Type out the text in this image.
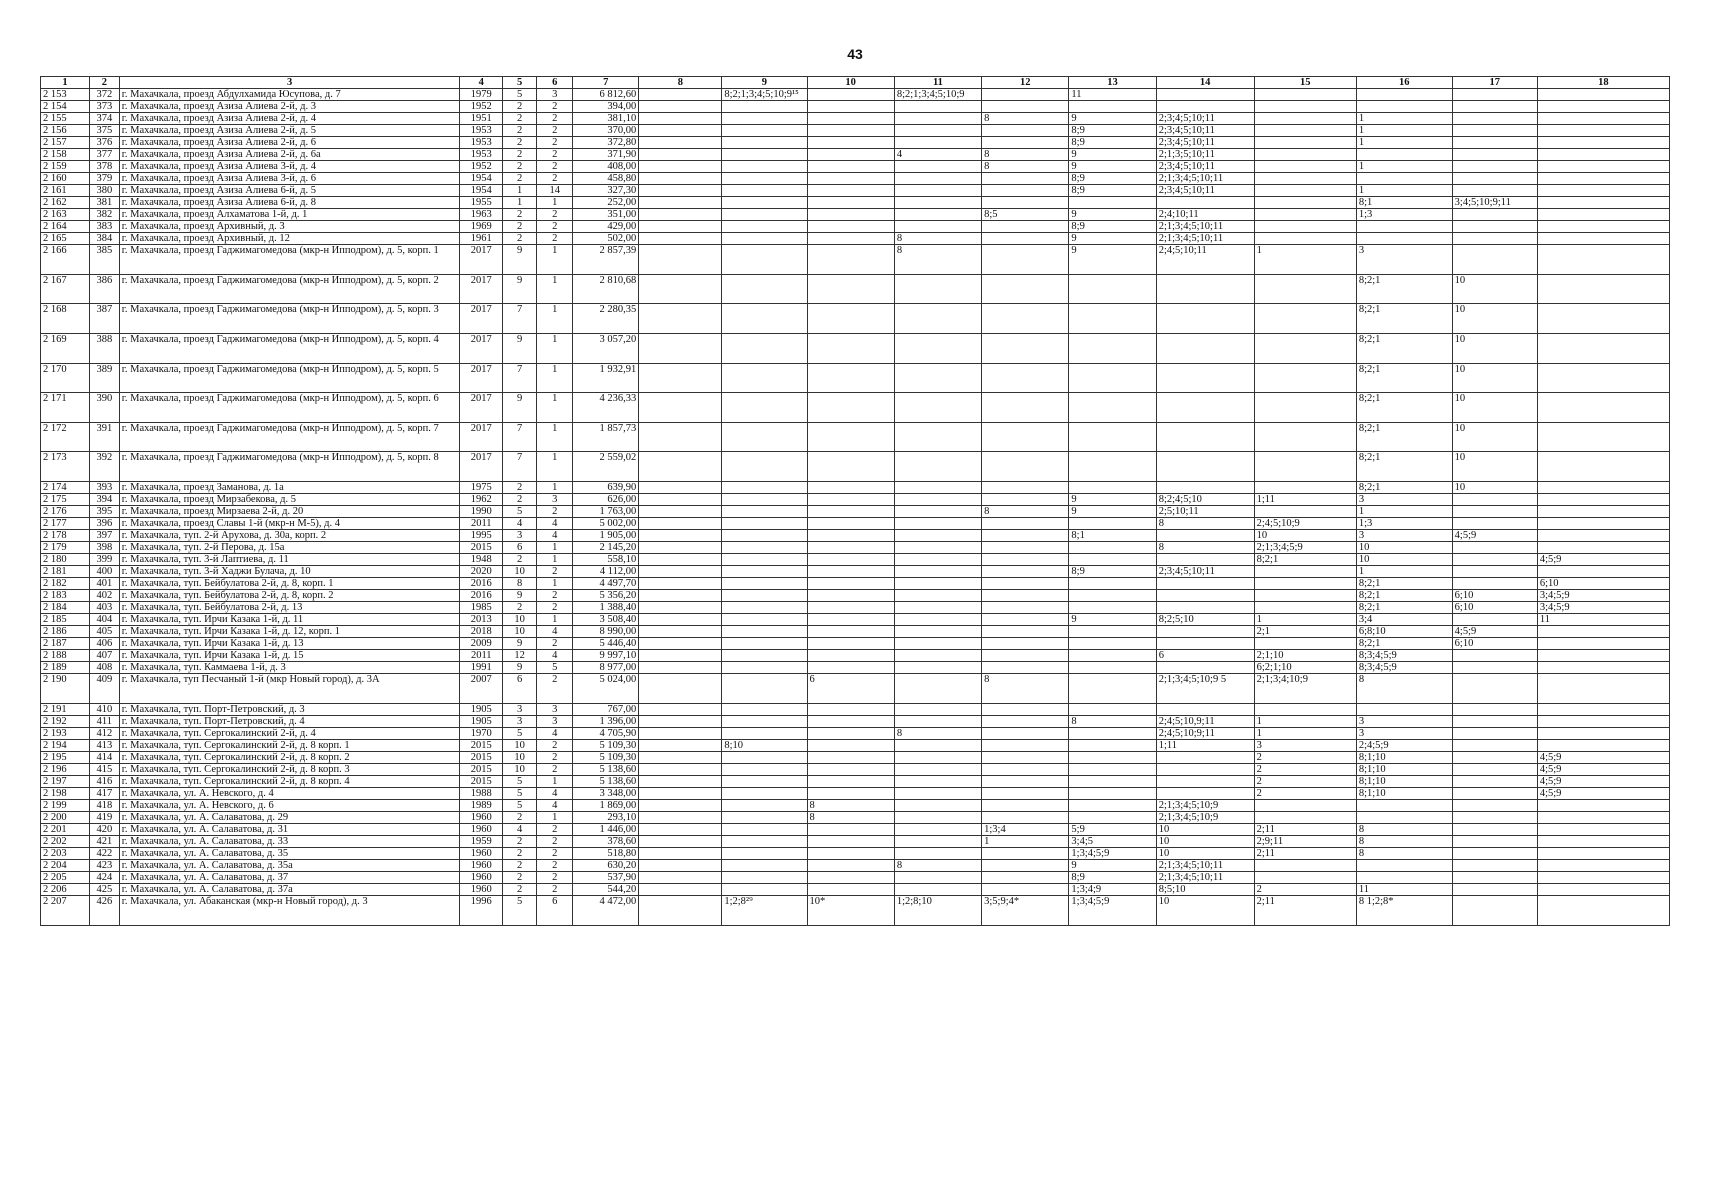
43
1	2	3	4	5	6	7	8	9	10	11	12	13	14	15	16	17	18
2 153	372	г. Махачкала, проезд Абдулхамида Юсупова, д. 7	1979	5	3	6 812,60		8;2;1;3;4;5;10;9¹⁵		8;2;1;3;4;5;10;9		11					
2 154	373	г. Махачкала, проезд Азиза Алиева 2-й, д. 3	1952	2	2	394,00											
2 155	374	г. Махачкала, проезд Азиза Алиева 2-й, д. 4	1951	2	2	381,10					8	9	2;3;4;5;10;11		1		
2 156	375	г. Махачкала, проезд Азиза Алиева 2-й, д. 5	1953	2	2	370,00						8;9	2;3;4;5;10;11		1		
2 157	376	г. Махачкала, проезд Азиза Алиева 2-й, д. 6	1953	2	2	372,80						8;9	2;3;4;5;10;11		1		
2 158	377	г. Махачкала, проезд Азиза Алиева 2-й, д. 6а	1953	2	2	371,90				4	8	9	2;1;3;5;10;11				
2 159	378	г. Махачкала, проезд Азиза Алиева 3-й, д. 4	1952	2	2	408,00					8	9	2;3;4;5;10;11		1		
2 160	379	г. Махачкала, проезд Азиза Алиева 3-й, д. 6	1954	2	2	458,80						8;9	2;1;3;4;5;10;11				
2 161	380	г. Махачкала, проезд Азиза Алиева 6-й, д. 5	1954	1	14	327,30						8;9	2;3;4;5;10;11		1		
2 162	381	г. Махачкала, проезд Азиза Алиева 6-й, д. 8	1955	1	1	252,00									8;1	3;4;5;10;9;11	
2 163	382	г. Махачкала, проезд Алхаматова 1-й, д. 1	1963	2	2	351,00					8;5	9	2;4;10;11		1;3		
2 164	383	г. Махачкала, проезд Архивный, д. 3	1969	2	2	429,00						8;9	2;1;3;4;5;10;11				
2 165	384	г. Махачкала, проезд Архивный, д. 12	1961	2	2	502,00				8		9	2;1;3;4;5;10;11				
2 166	385	г. Махачкала, проезд Гаджимагомедова (мкр-н Ипподром), д. 5, корп. 1	2017	9	1	2 857,39				8		9	2;4;5;10;11	1	3		
2 167	386	г. Махачкала, проезд Гаджимагомедова (мкр-н Ипподром), д. 5, корп. 2	2017	9	1	2 810,68									8;2;1	10	
2 168	387	г. Махачкала, проезд Гаджимагомедова (мкр-н Ипподром), д. 5, корп. 3	2017	7	1	2 280,35									8;2;1	10	
2 169	388	г. Махачкала, проезд Гаджимагомедова (мкр-н Ипподром), д. 5, корп. 4	2017	9	1	3 057,20									8;2;1	10	
2 170	389	г. Махачкала, проезд Гаджимагомедова (мкр-н Ипподром), д. 5, корп. 5	2017	7	1	1 932,91									8;2;1	10	
2 171	390	г. Махачкала, проезд Гаджимагомедова (мкр-н Ипподром), д. 5, корп. 6	2017	9	1	4 236,33									8;2;1	10	
2 172	391	г. Махачкала, проезд Гаджимагомедова (мкр-н Ипподром), д. 5, корп. 7	2017	7	1	1 857,73									8;2;1	10	
2 173	392	г. Махачкала, проезд Гаджимагомедова (мкр-н Ипподром), д. 5, корп. 8	2017	7	1	2 559,02									8;2;1	10	
2 174	393	г. Махачкала, проезд Заманова, д. 1а	1975	2	1	639,90									8;2;1	10	
2 175	394	г. Махачкала, проезд Мирзабекова, д. 5	1962	2	3	626,00						9	8;2;4;5;10	1;11	3		
2 176	395	г. Махачкала, проезд Мирзаева 2-й, д. 20	1990	5	2	1 763,00					8	9	2;5;10;11		1		
2 177	396	г. Махачкала, проезд Славы 1-й (мкр-н М-5), д. 4	2011	4	4	5 002,00							8	2;4;5;10;9	1;3		
2 178	397	г. Махачкала, туп. 2-й Арухова, д. 30а, корп. 2	1995	3	4	1 905,00						8;1		10	3	4;5;9	
2 179	398	г. Махачкала, туп. 2-й Перова, д. 15а	2015	6	1	2 145,20							8	2;1;3;4;5;9	10		
2 180	399	г. Махачкала, туп. 3-й Лаптиева, д. 11	1948	2	1	558,10								8;2;1	10		4;5;9
2 181	400	г. Махачкала, туп. 3-й Хаджи Булача, д. 10	2020	10	2	4 112,00						8;9	2;3;4;5;10;11		1		
2 182	401	г. Махачкала, туп. Бейбулатова 2-й, д. 8, корп. 1	2016	8	1	4 497,70									8;2;1		6;10
2 183	402	г. Махачкала, туп. Бейбулатова 2-й, д. 8, корп. 2	2016	9	2	5 356,20									8;2;1	6;10	3;4;5;9
2 184	403	г. Махачкала, туп. Бейбулатова 2-й, д. 13	1985	2	2	1 388,40									8;2;1	6;10	3;4;5;9
2 185	404	г. Махачкала, туп. Ирчи Казака 1-й, д. 11	2013	10	1	3 508,40						9	8;2;5;10	1	3;4		11
2 186	405	г. Махачкала, туп. Ирчи Казака 1-й, д. 12, корп. 1	2018	10	4	8 990,00								2;1	6;8;10	4;5;9	
2 187	406	г. Махачкала, туп. Ирчи Казака 1-й, д. 13	2009	9	2	5 446,40									8;2;1	6;10	
2 188	407	г. Махачкала, туп. Ирчи Казака 1-й, д. 15	2011	12	4	9 997,10							6	2;1;10	8;3;4;5;9		
2 189	408	г. Махачкала, туп. Каммаева 1-й, д. 3	1991	9	5	8 977,00								6;2;1;10	8;3;4;5;9		
2 190	409	г. Махачкала, туп Песчаный 1-й (мкр Новый город), д. 3А	2007	6	2	5 024,00			6		8		2;1;3;4;5;10;9 5	2;1;3;4;10;9	8		
2 191	410	г. Махачкала, туп. Порт-Петровский, д. 3	1905	3	3	767,00											
2 192	411	г. Махачкала, туп. Порт-Петровский, д. 4	1905	3	3	1 396,00						8	2;4;5;10,9;11	1	3		
2 193	412	г. Махачкала, туп. Сергокалинский 2-й, д. 4	1970	5	4	4 705,90				8			2;4;5;10;9;11	1	3		
2 194	413	г. Махачкала, туп. Сергокалинский 2-й, д. 8 корп. 1	2015	10	2	5 109,30		8;10					1;11	3	2;4;5;9		
2 195	414	г. Махачкала, туп. Сергокалинский 2-й, д. 8 корп. 2	2015	10	2	5 109,30								2	8;1;10		4;5;9
2 196	415	г. Махачкала, туп. Сергокалинский 2-й, д. 8 корп. 3	2015	10	2	5 138,60								2	8;1;10		4;5;9
2 197	416	г. Махачкала, туп. Сергокалинский 2-й, д. 8 корп. 4	2015	5	1	5 138,60								2	8;1;10		4;5;9
2 198	417	г. Махачкала, ул. А. Невского, д. 4	1988	5	4	3 348,00								2	8;1;10		4;5;9
2 199	418	г. Махачкала, ул. А. Невского, д. 6	1989	5	4	1 869,00			8				2;1;3;4;5;10;9				
2 200	419	г. Махачкала, ул. А. Салаватова, д. 29	1960	2	1	293,10			8				2;1;3;4;5;10;9				
2 201	420	г. Махачкала, ул. А. Салаватова, д. 31	1960	4	2	1 446,00					1;3;4	5;9	10	2;11	8		
2 202	421	г. Махачкала, ул. А. Салаватова, д. 33	1959	2	2	378,60					1	3;4;5	10	2;9;11	8		
2 203	422	г. Махачкала, ул. А. Салаватова, д. 35	1960	2	2	518,80						1;3;4;5;9	10	2;11	8		
2 204	423	г. Махачкала, ул. А. Салаватова, д. 35а	1960	2	2	630,20				8		9	2;1;3;4;5;10;11				
2 205	424	г. Махачкала, ул. А. Салаватова, д. 37	1960	2	2	537,90						8;9	2;1;3;4;5;10;11				
2 206	425	г. Махачкала, ул. А. Салаватова, д. 37а	1960	2	2	544,20						1;3;4;9	8;5;10	2	11		
2 207	426	г. Махачкала, ул. Абаканская (мкр-н Новый город), д. 3	1996	5	6	4 472,00		1;2;8²⁹	10*	1;2;8;10	3;5;9;4*	1;3;4;5;9	10	2;11	8 1;2;8*		
